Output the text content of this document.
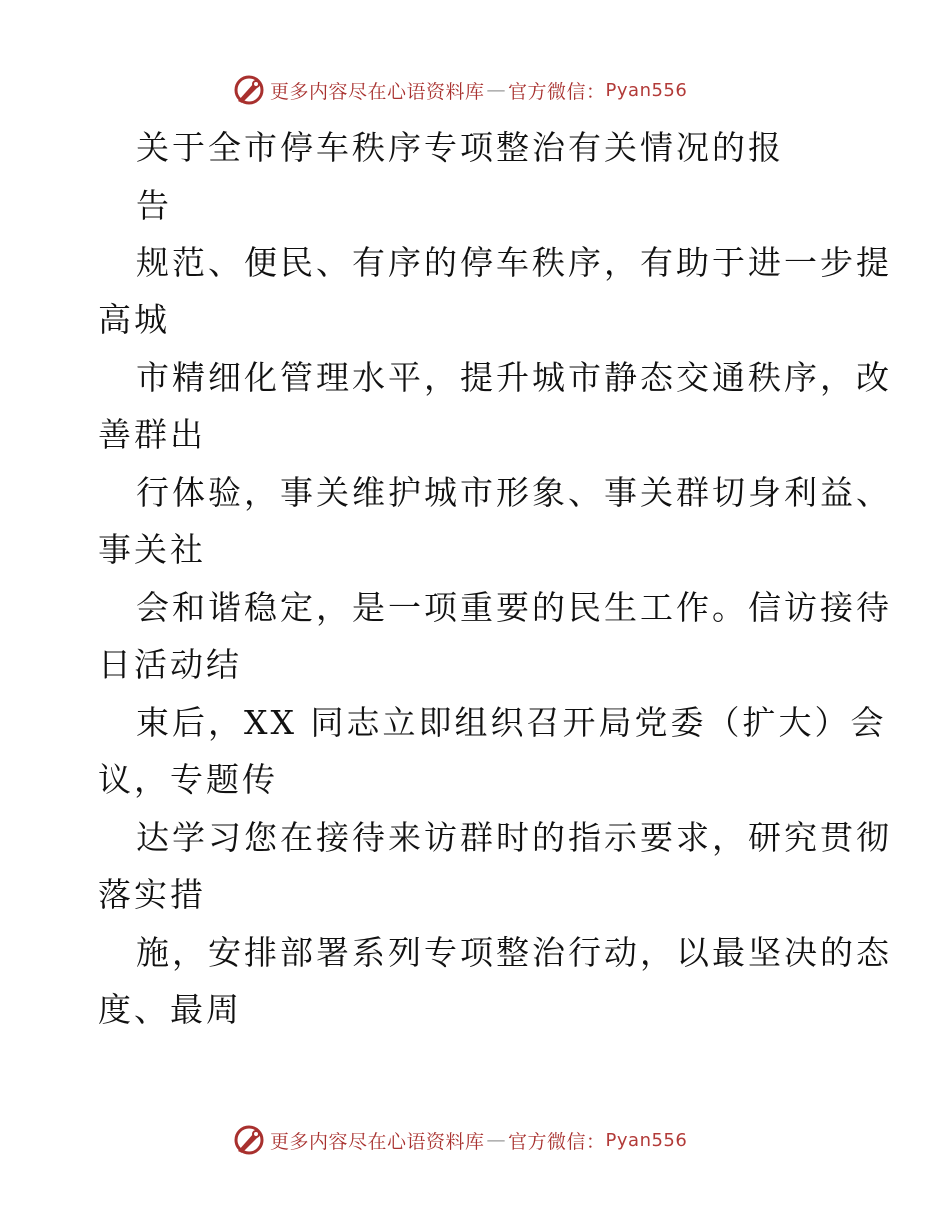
更多内容尽在心语资料库 — 官方微信： Pyan556
关于全市停车秩序专项整治有关情况的报
告
规范、便民、有序的停车秩序，有助于进一步提
高城
市精细化管理水平，提升城市静态交通秩序，改
善群出
行体验，事关维护城市形象、事关群切身利益、
事关社
会和谐稳定，是一项重要的民生工作。信访接待
日活动结
束后，XX 同志立即组织召开局党委（扩大）会
议，专题传
达学习您在接待来访群时的指示要求，研究贯彻
落实措
施，安排部署系列专项整治行动，以最坚决的态
度、最周
更多内容尽在心语资料库 — 官方微信： Pyan556
